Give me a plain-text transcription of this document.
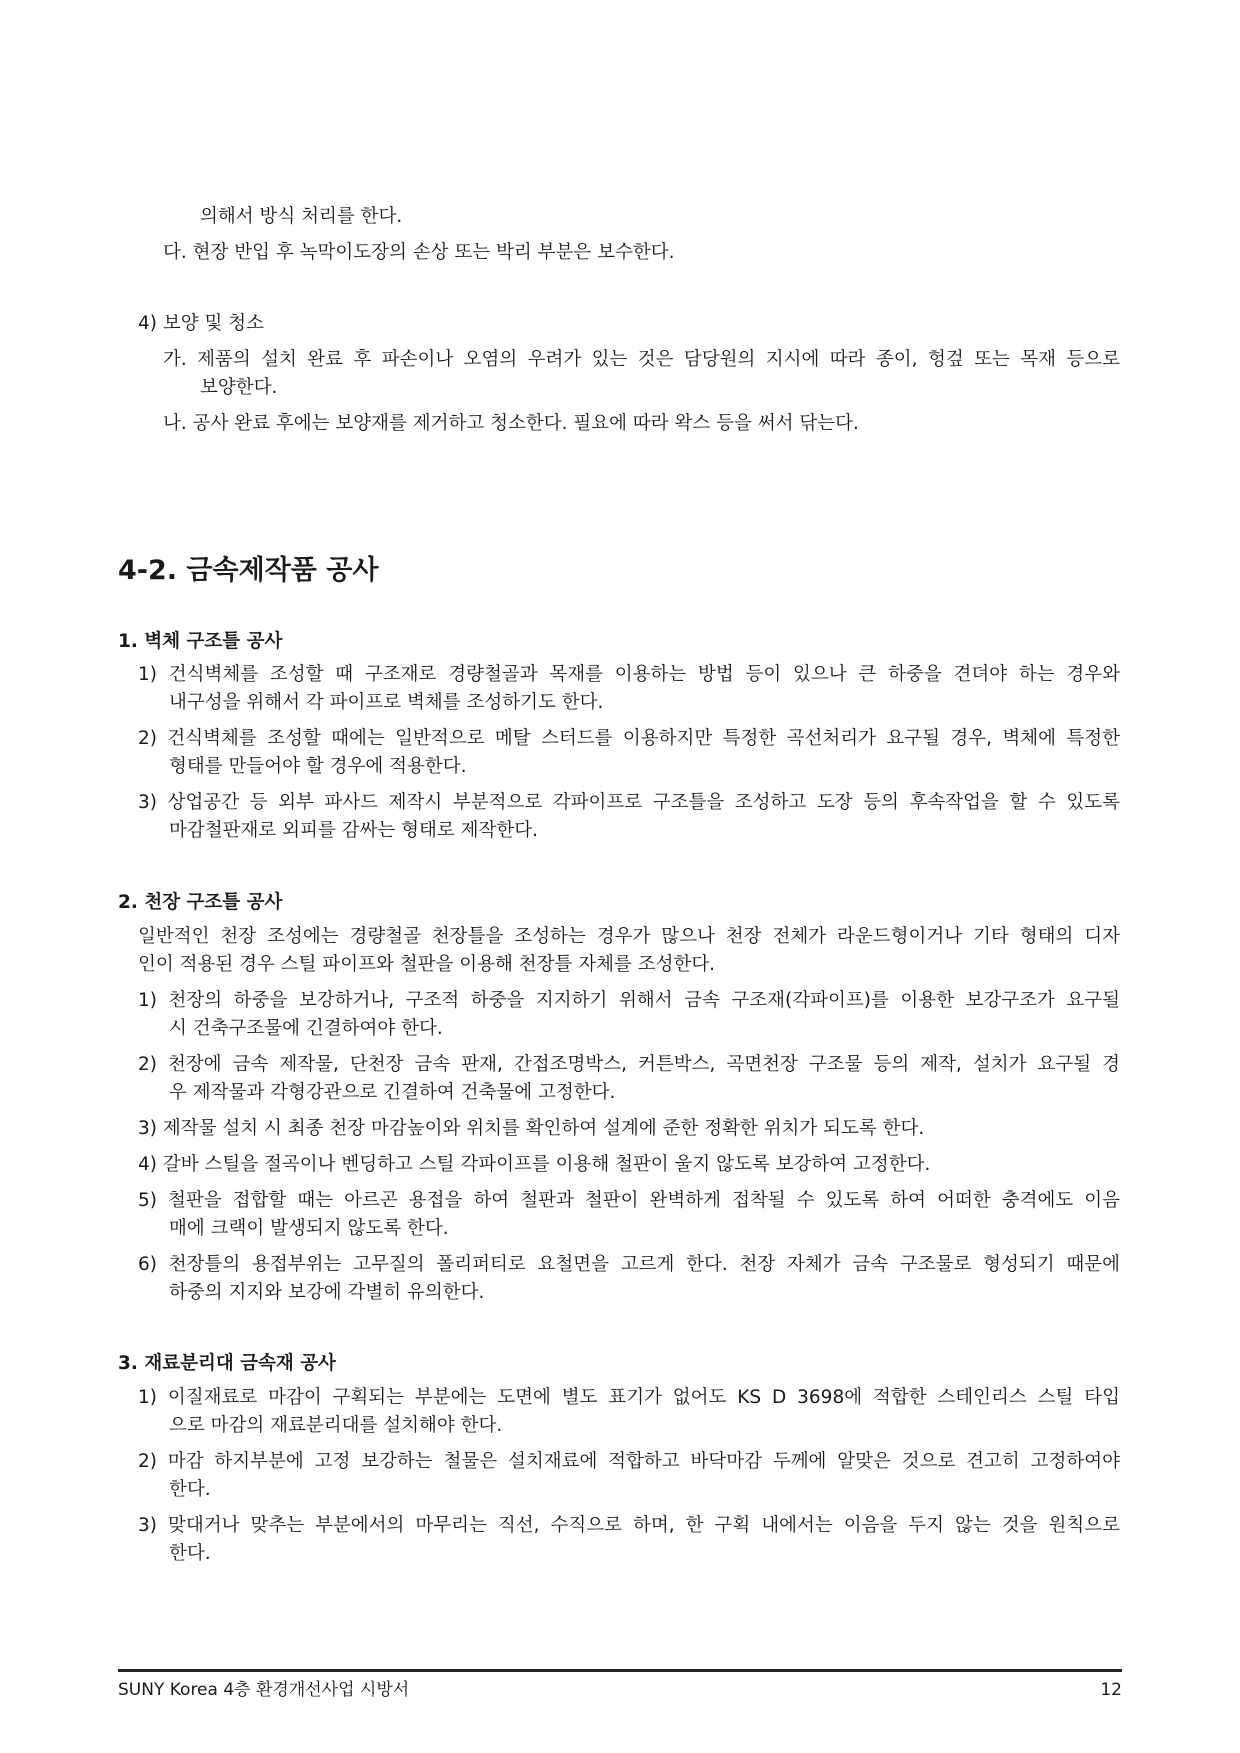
의해서 방식 처리를 한다.
다. 현장 반입 후 녹막이도장의 손상 또는 박리 부분은 보수한다.
4) 보양 및 청소
가. 제품의 설치 완료 후 파손이나 오염의 우려가 있는 것은 담당원의 지시에 따라 종이, 헝겊 또는 목재 등으로
보양한다.
나. 공사 완료 후에는 보양재를 제거하고 청소한다. 필요에 따라 왁스 등을 써서 닦는다.
4-2. 금속제작품 공사
1. 벽체 구조틀 공사
1) 건식벽체를 조성할 때 구조재로 경량철골과 목재를 이용하는 방법 등이 있으나 큰 하중을 견뎌야 하는 경우와
내구성을 위해서 각 파이프로 벽체를 조성하기도 한다.
2) 건식벽체를 조성할 때에는 일반적으로 메탈 스터드를 이용하지만 특정한 곡선처리가 요구될 경우, 벽체에 특정한
형태를 만들어야 할 경우에 적용한다.
3) 상업공간 등 외부 파사드 제작시 부분적으로 각파이프로 구조틀을 조성하고 도장 등의 후속작업을 할 수 있도록
마감철판재로 외피를 감싸는 형태로 제작한다.
2. 천장 구조틀 공사
일반적인 천장 조성에는 경량철골 천장틀을 조성하는 경우가 많으나 천장 전체가 라운드형이거나 기타 형태의 디자
인이 적용된 경우 스틸 파이프와 철판을 이용해 천장틀 자체를 조성한다.
1) 천장의 하중을 보강하거나, 구조적 하중을 지지하기 위해서 금속 구조재(각파이프)를 이용한 보강구조가 요구될
시 건축구조물에 긴결하여야 한다.
2) 천장에 금속 제작물, 단천장 금속 판재, 간접조명박스, 커튼박스, 곡면천장 구조물 등의 제작, 설치가 요구될 경
우 제작물과 각형강관으로 긴결하여 건축물에 고정한다.
3) 제작물 설치 시 최종 천장 마감높이와 위치를 확인하여 설계에 준한 정확한 위치가 되도록 한다.
4) 갈바 스틸을 절곡이나 벤딩하고 스틸 각파이프를 이용해 철판이 울지 않도록 보강하여 고정한다.
5) 철판을 접합할 때는 아르곤 용접을 하여 철판과 철판이 완벽하게 접착될 수 있도록 하여 어떠한 충격에도 이음
매에 크랙이 발생되지 않도록 한다.
6) 천장틀의 용접부위는 고무질의 폴리퍼티로 요철면을 고르게 한다. 천장 자체가 금속 구조물로 형성되기 때문에
하중의 지지와 보강에 각별히 유의한다.
3. 재료분리대 금속재 공사
1) 이질재료로 마감이 구획되는 부분에는 도면에 별도 표기가 없어도 KS D 3698에 적합한 스테인리스 스틸 타입
으로 마감의 재료분리대를 설치해야 한다.
2) 마감 하지부분에 고정 보강하는 철물은 설치재료에 적합하고 바닥마감 두께에 알맞은 것으로 견고히 고정하여야
한다.
3) 맞대거나 맞추는 부분에서의 마무리는 직선, 수직으로 하며, 한 구획 내에서는 이음을 두지 않는 것을 원칙으로
한다.
SUNY Korea 4층 환경개선사업 시방서	12
